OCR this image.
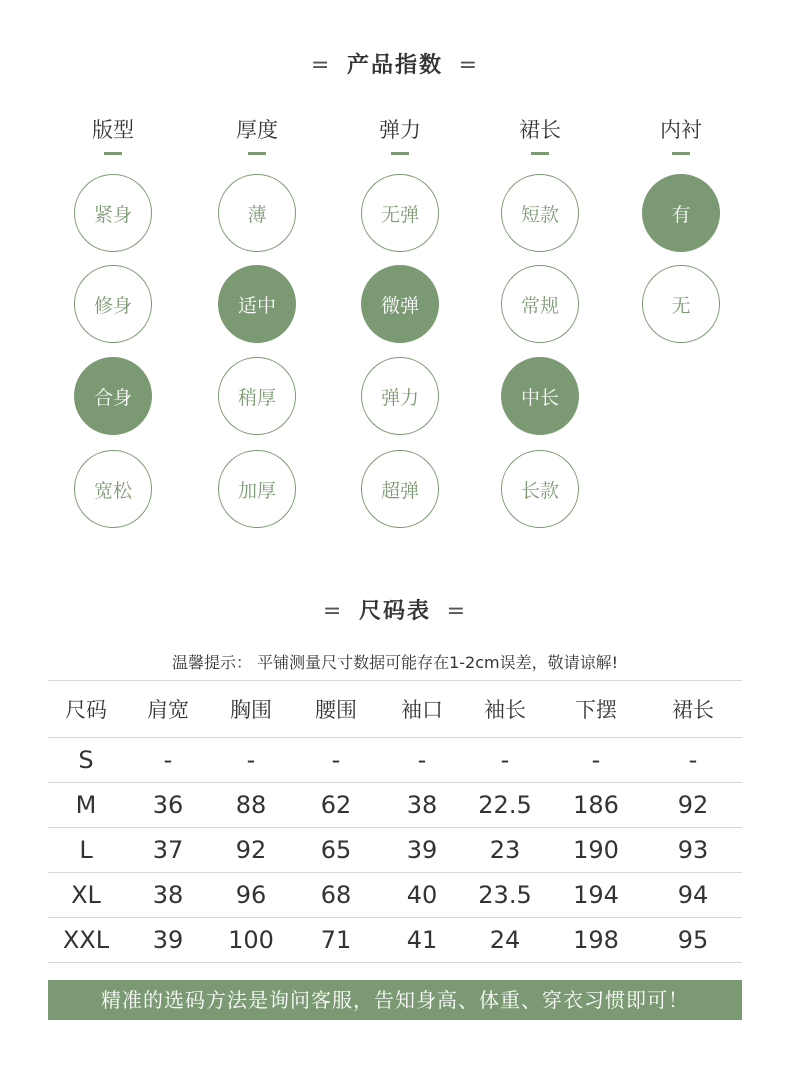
= 产品指数 =
版型
紧身
修身
合身
宽松
厚度
薄
适中
稍厚
加厚
弹力
无弹
微弹
弹力
超弹
裙长
短款
常规
中长
长款
内衬
有
无
= 尺码表 =
温馨提示： 平铺测量尺寸数据可能存在1-2cm误差，敬请谅解!
尺码	肩宽	胸围	腰围	袖口	袖长	下摆	裙长
S	-	-	-	-	-	-	-
M	36	88	62	38	22.5	186	92
L	37	92	65	39	23	190	93
XL	38	96	68	40	23.5	194	94
XXL	39	100	71	41	24	198	95
精准的选码方法是询问客服，告知身高、体重、穿衣习惯即可！
